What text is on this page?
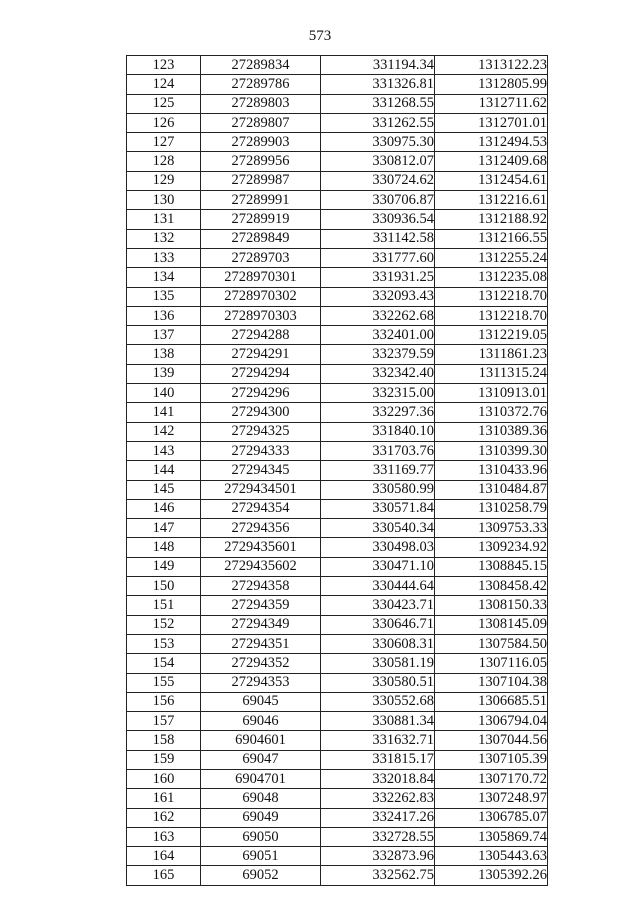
573
123	27289834	331194.34	1313122.23
124	27289786	331326.81	1312805.99
125	27289803	331268.55	1312711.62
126	27289807	331262.55	1312701.01
127	27289903	330975.30	1312494.53
128	27289956	330812.07	1312409.68
129	27289987	330724.62	1312454.61
130	27289991	330706.87	1312216.61
131	27289919	330936.54	1312188.92
132	27289849	331142.58	1312166.55
133	27289703	331777.60	1312255.24
134	2728970301	331931.25	1312235.08
135	2728970302	332093.43	1312218.70
136	2728970303	332262.68	1312218.70
137	27294288	332401.00	1312219.05
138	27294291	332379.59	1311861.23
139	27294294	332342.40	1311315.24
140	27294296	332315.00	1310913.01
141	27294300	332297.36	1310372.76
142	27294325	331840.10	1310389.36
143	27294333	331703.76	1310399.30
144	27294345	331169.77	1310433.96
145	2729434501	330580.99	1310484.87
146	27294354	330571.84	1310258.79
147	27294356	330540.34	1309753.33
148	2729435601	330498.03	1309234.92
149	2729435602	330471.10	1308845.15
150	27294358	330444.64	1308458.42
151	27294359	330423.71	1308150.33
152	27294349	330646.71	1308145.09
153	27294351	330608.31	1307584.50
154	27294352	330581.19	1307116.05
155	27294353	330580.51	1307104.38
156	69045	330552.68	1306685.51
157	69046	330881.34	1306794.04
158	6904601	331632.71	1307044.56
159	69047	331815.17	1307105.39
160	6904701	332018.84	1307170.72
161	69048	332262.83	1307248.97
162	69049	332417.26	1306785.07
163	69050	332728.55	1305869.74
164	69051	332873.96	1305443.63
165	69052	332562.75	1305392.26
